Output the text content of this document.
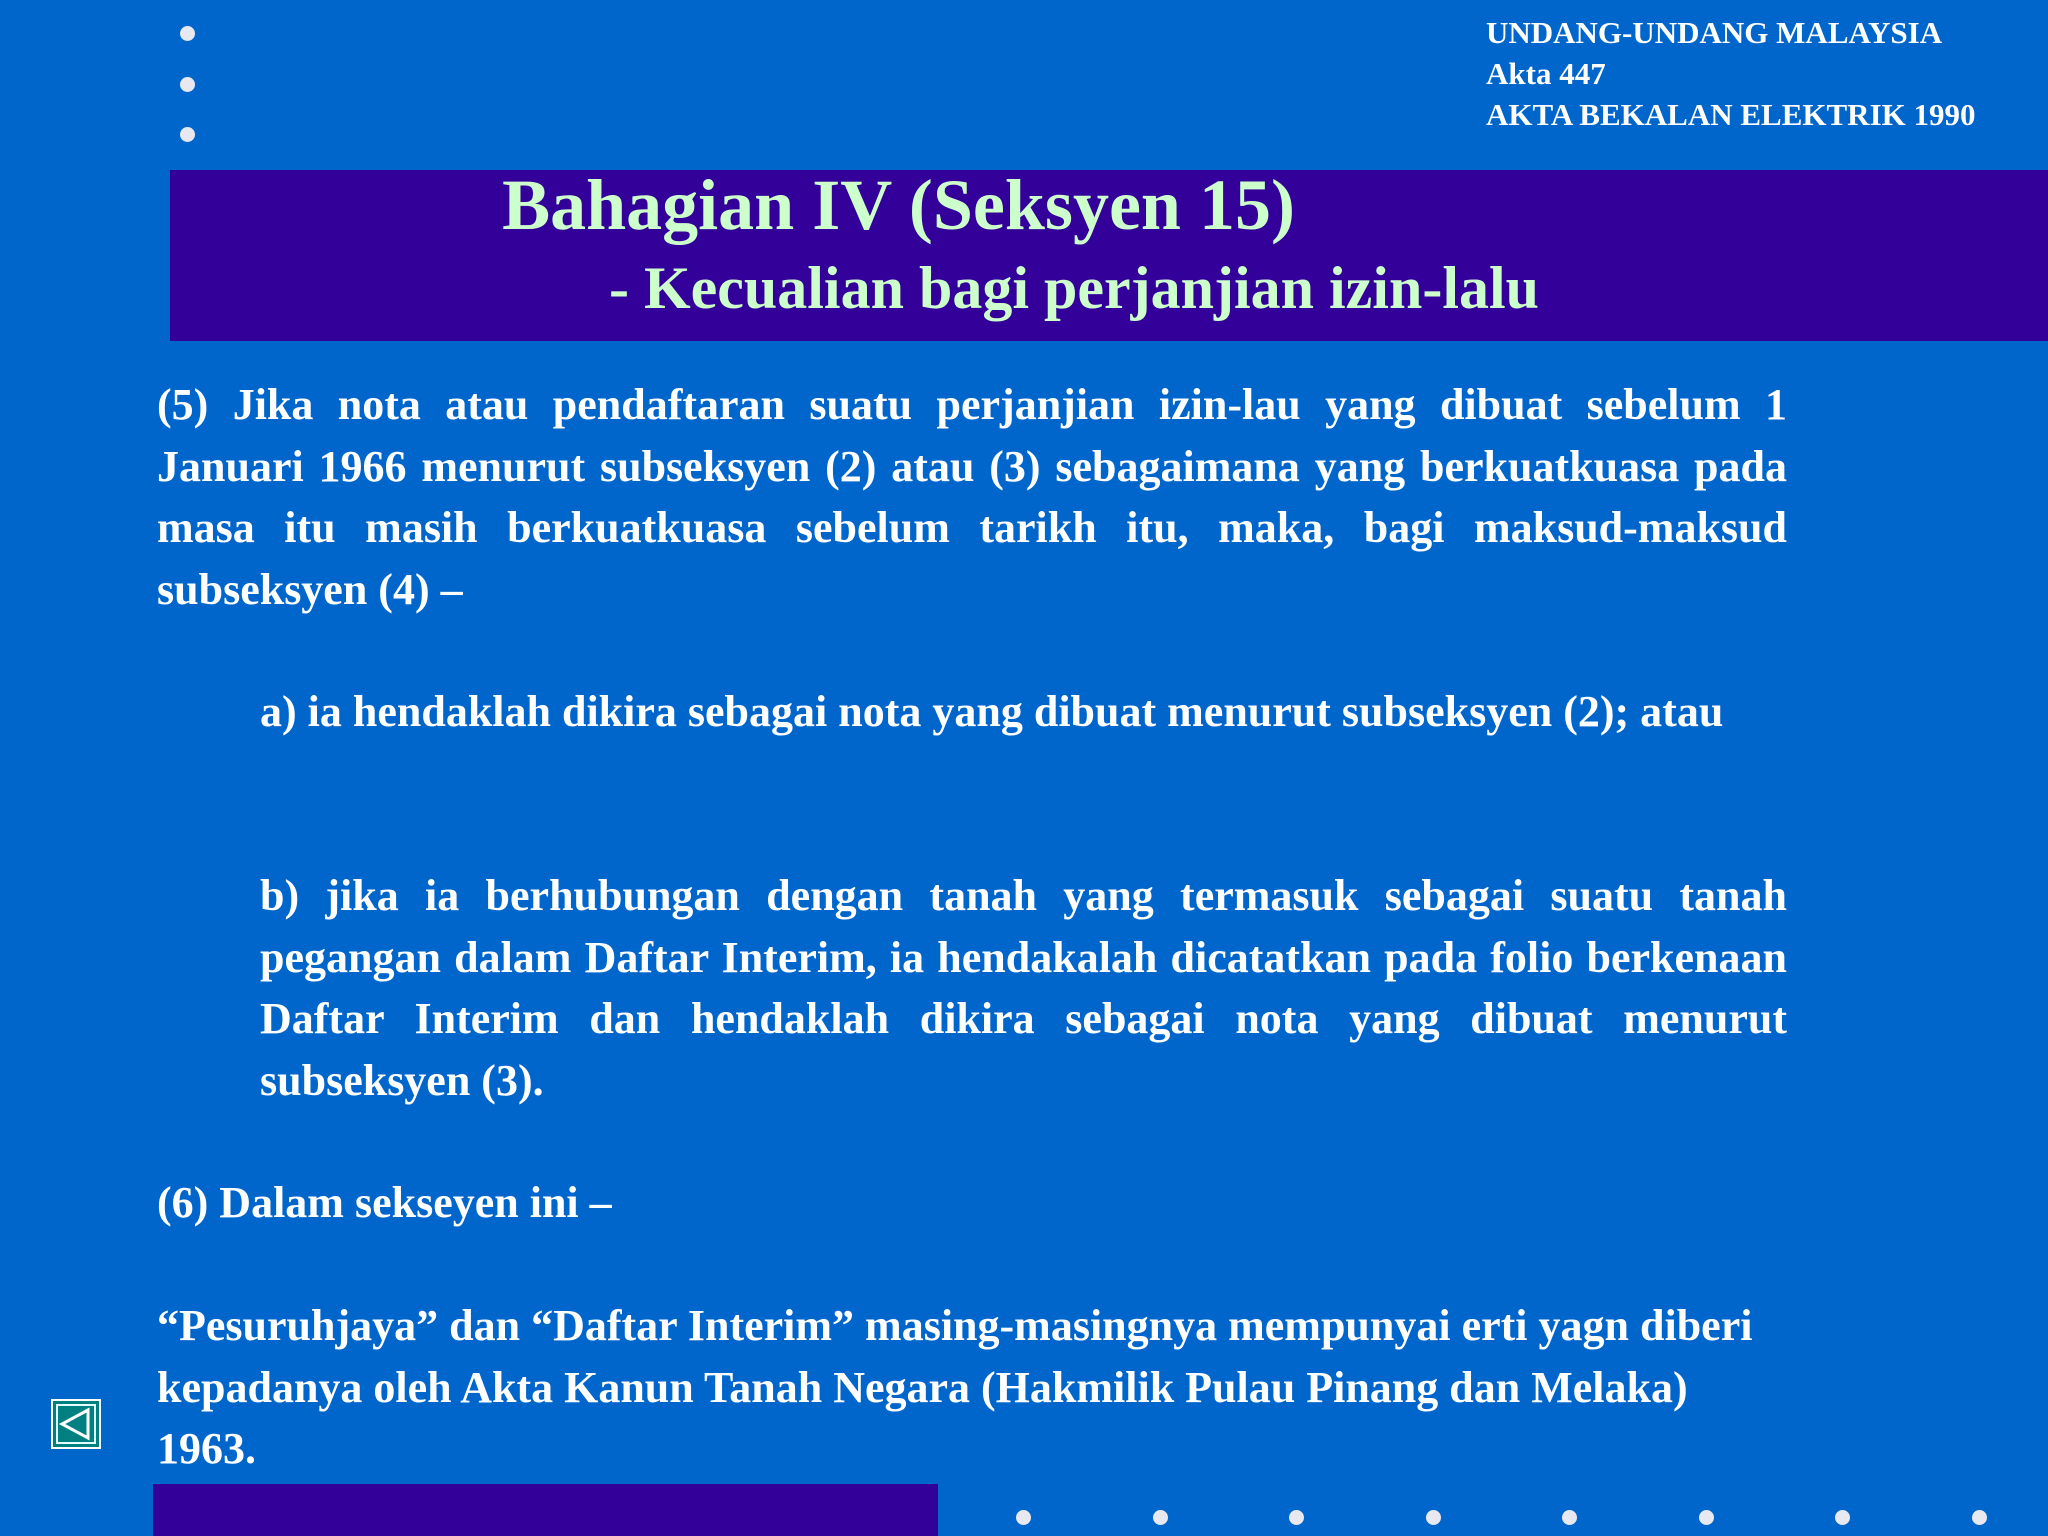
UNDANG-UNDANG MALAYSIA
Akta 447
AKTA BEKALAN ELEKTRIK 1990
Bahagian IV (Seksyen 15)
- Kecualian bagi perjanjian izin-lalu
(5) Jika nota atau pendaftaran suatu perjanjian izin-lau yang dibuat sebelum 1 Januari 1966 menurut subseksyen (2) atau (3) sebagaimana yang berkuatkuasa pada masa itu masih berkuatkuasa sebelum tarikh itu, maka, bagi maksud-maksud subseksyen (4) –
a) ia hendaklah dikira sebagai nota yang dibuat menurut subseksyen (2); atau
b) jika ia berhubungan dengan tanah yang termasuk sebagai suatu tanah pegangan dalam Daftar Interim, ia hendakalah dicatatkan pada folio berkenaan Daftar Interim dan hendaklah dikira sebagai nota yang dibuat menurut subseksyen (3).
(6) Dalam sekseyen ini –
“Pesuruhjaya” dan “Daftar Interim” masing-masingnya mempunyai erti yagn diberi kepadanya oleh Akta Kanun Tanah Negara (Hakmilik Pulau Pinang dan Melaka) 1963.
